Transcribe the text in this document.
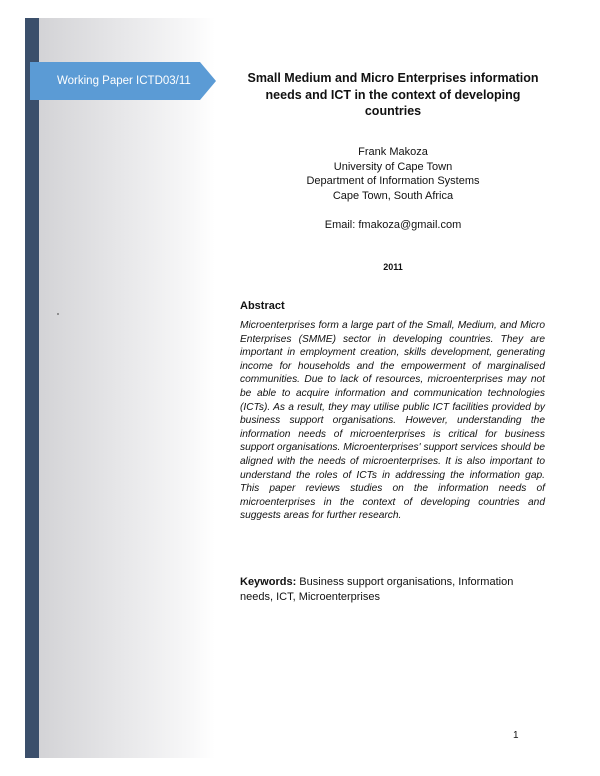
Working Paper ICTD03/11	Small Medium and Micro Enterprises information needs and ICT in the context of developing countries
Frank Makoza
University of Cape Town
Department of Information Systems
Cape Town, South Africa
Email: fmakoza@gmail.com
2011
Abstract

Microenterprises form a large part of the Small, Medium, and Micro Enterprises (SMME) sector in developing countries. They are important in employment creation, skills development, generating income for households and the empowerment of marginalised communities. Due to lack of resources, microenterprises may not be able to acquire information and communication technologies (ICTs). As a result, they may utilise public ICT facilities provided by business support organisations. However, understanding the information needs of microenterprises is critical for business support organisations. Microenterprises' support services should be aligned with the needs of microenterprises. It is also important to understand the roles of ICTs in addressing the information gap. This paper reviews studies on the information needs of microenterprises in the context of developing countries and suggests areas for further research.

Keywords: Business support organisations, Information needs, ICT, Microenterprises

1
